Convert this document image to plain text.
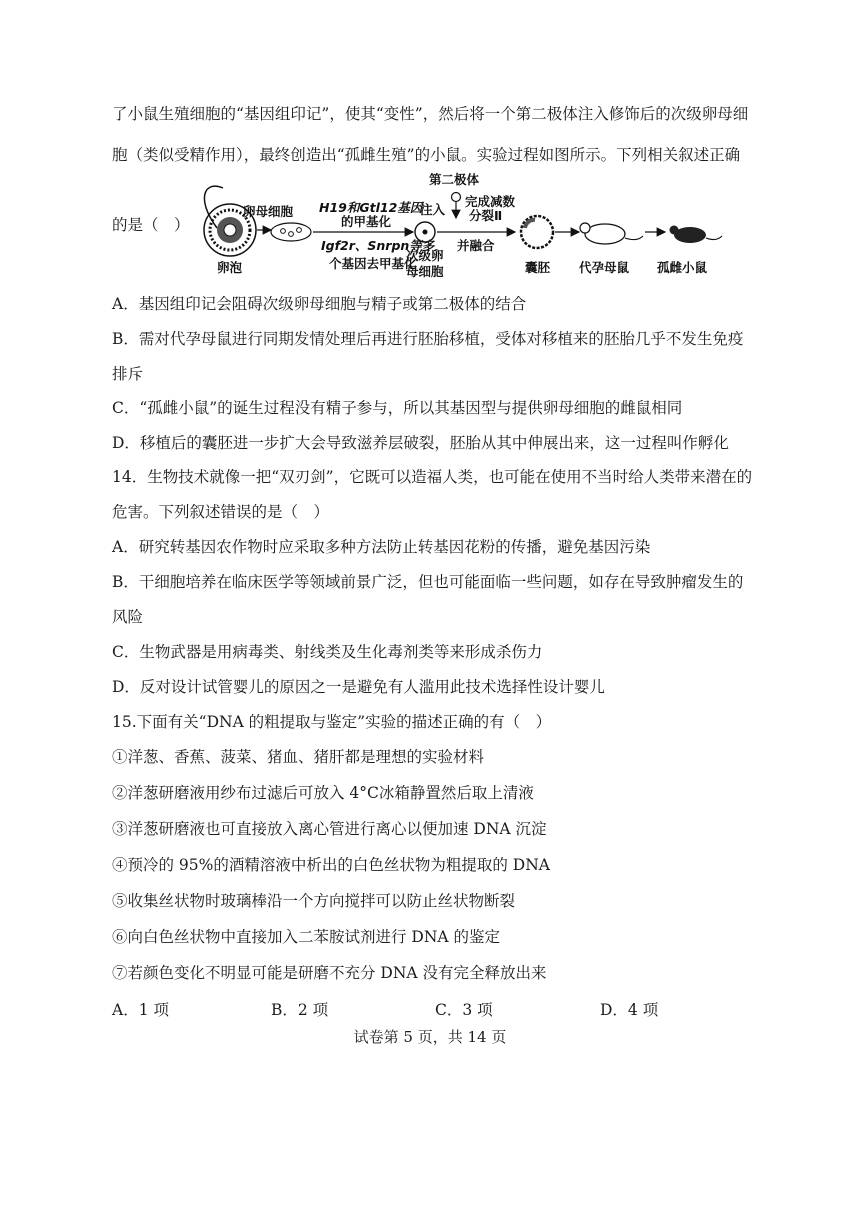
了小鼠生殖细胞的“基因组印记”，使其“变性”，然后将一个第二极体注入修饰后的次级卵母细
胞（类似受精作用），最终创造出“孤雌生殖”的小鼠。实验过程如图所示。下列相关叙述正确
的是（　）
卵泡
卵母细胞 H19和Gtl12基因
的甲基化
Igf2r、Snrpn等多
个基因去甲基化
第二极体
注入
完成减数
分裂Ⅱ
次级卵
母细胞
并融合
囊胚 代孕母鼠 孤雌小鼠
A．基因组印记会阻碍次级卵母细胞与精子或第二极体的结合
B．需对代孕母鼠进行同期发情处理后再进行胚胎移植，受体对移植来的胚胎几乎不发生免疫
排斥
C．“孤雌小鼠”的诞生过程没有精子参与，所以其基因型与提供卵母细胞的雌鼠相同
D．移植后的囊胚进一步扩大会导致滋养层破裂，胚胎从其中伸展出来，这一过程叫作孵化
14．生物技术就像一把“双刃剑”，它既可以造福人类，也可能在使用不当时给人类带来潜在的
危害。下列叙述错误的是（　）
A．研究转基因农作物时应采取多种方法防止转基因花粉的传播，避免基因污染
B．干细胞培养在临床医学等领域前景广泛，但也可能面临一些问题，如存在导致肿瘤发生的
风险
C．生物武器是用病毒类、射线类及生化毒剂类等来形成杀伤力
D．反对设计试管婴儿的原因之一是避免有人滥用此技术选择性设计婴儿
15.下面有关“DNA 的粗提取与鉴定”实验的描述正确的有（　）
①洋葱、香蕉、菠菜、猪血、猪肝都是理想的实验材料
②洋葱研磨液用纱布过滤后可放入 4°C冰箱静置然后取上清液
③洋葱研磨液也可直接放入离心管进行离心以便加速 DNA 沉淀
④预冷的 95%的酒精溶液中析出的白色丝状物为粗提取的 DNA
⑤收集丝状物时玻璃棒沿一个方向搅拌可以防止丝状物断裂
⑥向白色丝状物中直接加入二苯胺试剂进行 DNA 的鉴定
⑦若颜色变化不明显可能是研磨不充分 DNA 没有完全释放出来
A．1 项	B．2 项	C．3 项	D．4 项
试卷第 5 页，共 14 页
